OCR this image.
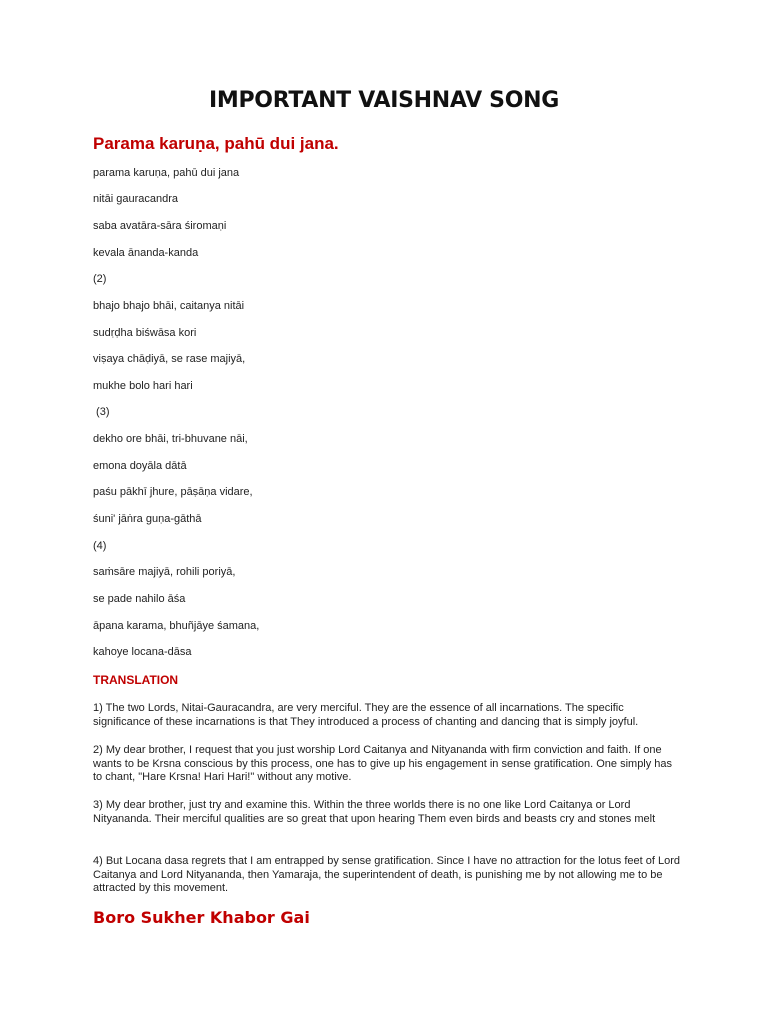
IMPORTANT VAISHNAV SONG
Parama karuṇa, pahū dui jana.
parama karuṇa, pahū dui jana
nitāi gauracandra
saba avatāra-sāra śiromaṇi
kevala ānanda-kanda
(2)
bhajo bhajo bhāi, caitanya nitāi
sudṛḍha biśwāsa kori
viṣaya chāḍiyā, se rase majiyā,
mukhe bolo hari hari
(3)
dekho ore bhāi, tri-bhuvane nāi,
emona doyāla dātā
paśu pākhī jhure, pāṣāṇa vidare,
śuni' jāṅra guṇa-gāthā
(4)
saṁsāre majiyā, rohili poriyā,
se pade nahilo āśa
āpana karama, bhuñjāye śamana,
kahoye locana-dāsa
TRANSLATION
1) The two Lords, Nitai-Gauracandra, are very merciful. They are the essence of all incarnations. The specific significance of these incarnations is that They introduced a process of chanting and dancing that is simply joyful.
2) My dear brother, I request that you just worship Lord Caitanya and Nityananda with firm conviction and faith. If one wants to be Krsna conscious by this process, one has to give up his engagement in sense gratification. One simply has to chant, "Hare Krsna! Hari Hari!" without any motive.
3) My dear brother, just try and examine this. Within the three worlds there is no one like Lord Caitanya or Lord Nityananda. Their merciful qualities are so great that upon hearing Them even birds and beasts cry and stones melt
4) But Locana dasa regrets that I am entrapped by sense gratification. Since I have no attraction for the lotus feet of Lord Caitanya and Lord Nityananda, then Yamaraja, the superintendent of death, is punishing me by not allowing me to be attracted by this movement.
Boro Sukher Khabor Gai
